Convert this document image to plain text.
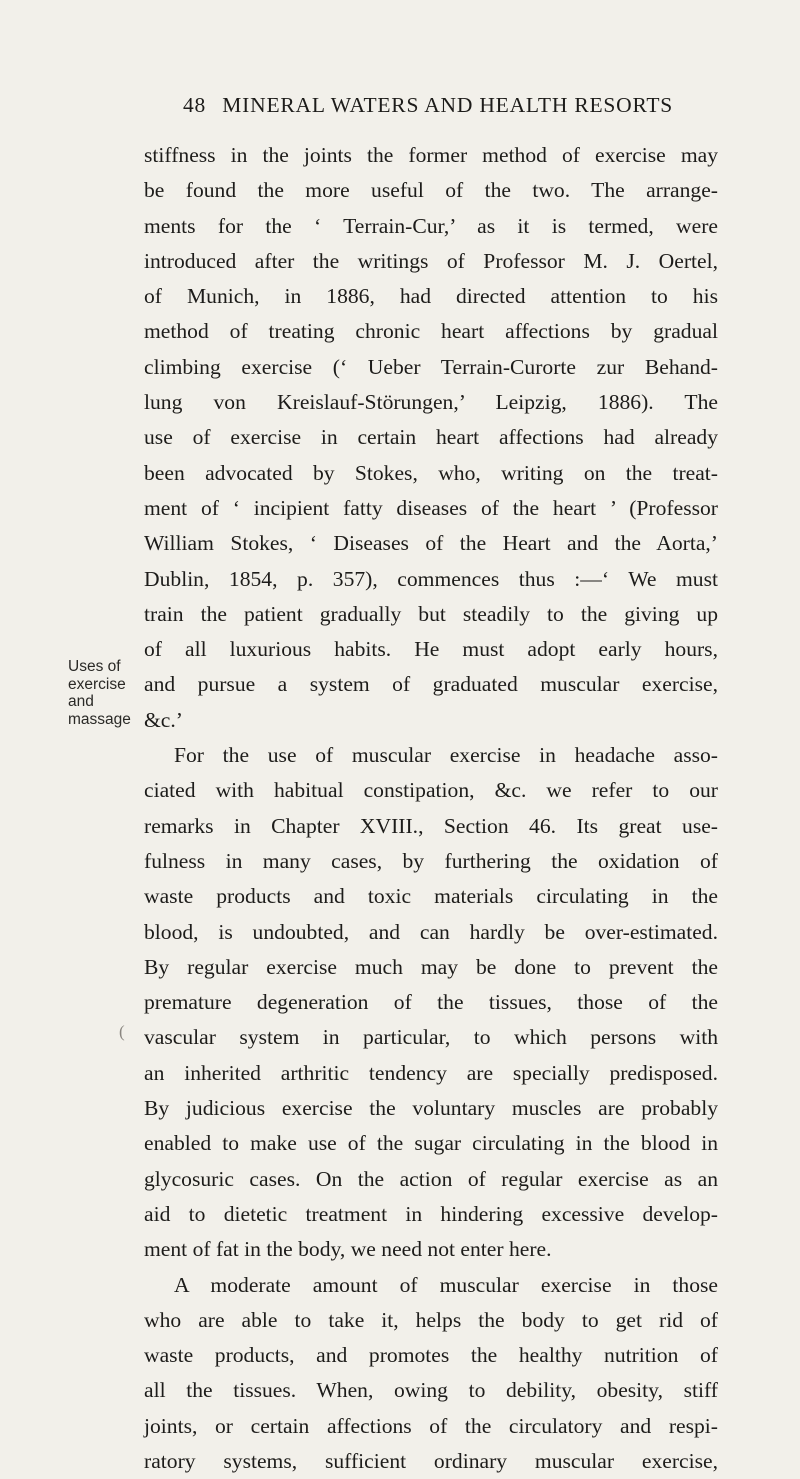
48 MINERAL WATERS AND HEALTH RESORTS
Uses of
exercise
and
massage
(
stiffness in the joints the former method of exercise may
be found the more useful of the two. The arrange-
ments for the ‘ Terrain-Cur,’ as it is termed, were
introduced after the writings of Professor M. J. Oertel,
of Munich, in 1886, had directed attention to his
method of treating chronic heart affections by gradual
climbing exercise (‘ Ueber Terrain-Curorte zur Behand-
lung von Kreislauf-Störungen,’ Leipzig, 1886). The
use of exercise in certain heart affections had already
been advocated by Stokes, who, writing on the treat-
ment of ‘ incipient fatty diseases of the heart ’ (Professor
William Stokes, ‘ Diseases of the Heart and the Aorta,’
Dublin, 1854, p. 357), commences thus :—‘ We must
train the patient gradually but steadily to the giving up
of all luxurious habits. He must adopt early hours,
and pursue a system of graduated muscular exercise,
&c.’
For the use of muscular exercise in headache asso-
ciated with habitual constipation, &c. we refer to our
remarks in Chapter XVIII., Section 46. Its great use-
fulness in many cases, by furthering the oxidation of
waste products and toxic materials circulating in the
blood, is undoubted, and can hardly be over-estimated.
By regular exercise much may be done to prevent the
premature degeneration of the tissues, those of the
vascular system in particular, to which persons with
an inherited arthritic tendency are specially predisposed.
By judicious exercise the voluntary muscles are probably
enabled to make use of the sugar circulating in the blood in
glycosuric cases. On the action of regular exercise as an
aid to dietetic treatment in hindering excessive develop-
ment of fat in the body, we need not enter here.
A moderate amount of muscular exercise in those
who are able to take it, helps the body to get rid of
waste products, and promotes the healthy nutrition of
all the tissues. When, owing to debility, obesity, stiff
joints, or certain affections of the circulatory and respi-
ratory systems, sufficient ordinary muscular exercise,
